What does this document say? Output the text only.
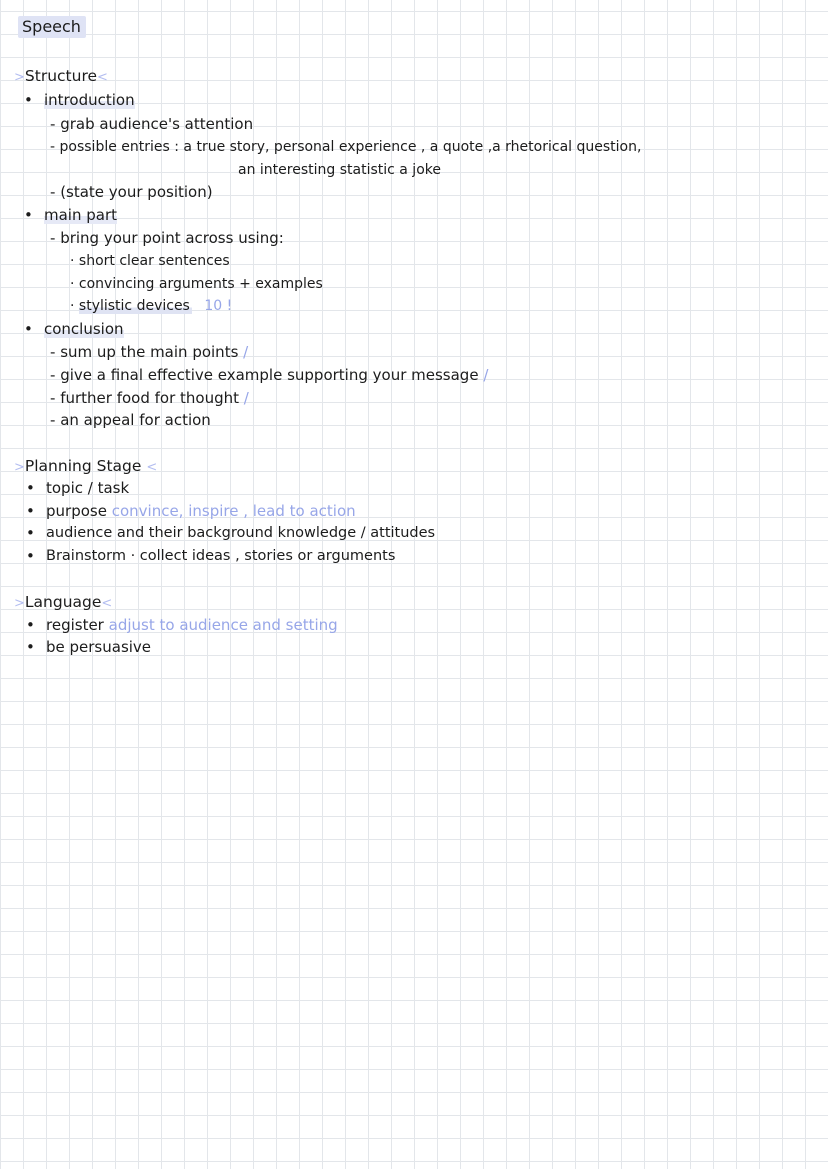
Speech
>Structure<
• introduction
- grab audience's attention
- possible entries : a true story, personal experience , a quote ,a rhetorical question,
an interesting statistic a joke
- (state your position)
• main part
- bring your point across using:
· short clear sentences
· convincing arguments + examples
· stylistic devices 10 !
• conclusion
- sum up the main points /
- give a final effective example supporting your message /
- further food for thought /
- an appeal for action
>Planning Stage <
• topic / task
• purpose convince, inspire , lead to action
• audience and their background knowledge / attitudes
• Brainstorm · collect ideas , stories or arguments
>Language<
• register adjust to audience and setting
• be persuasive
